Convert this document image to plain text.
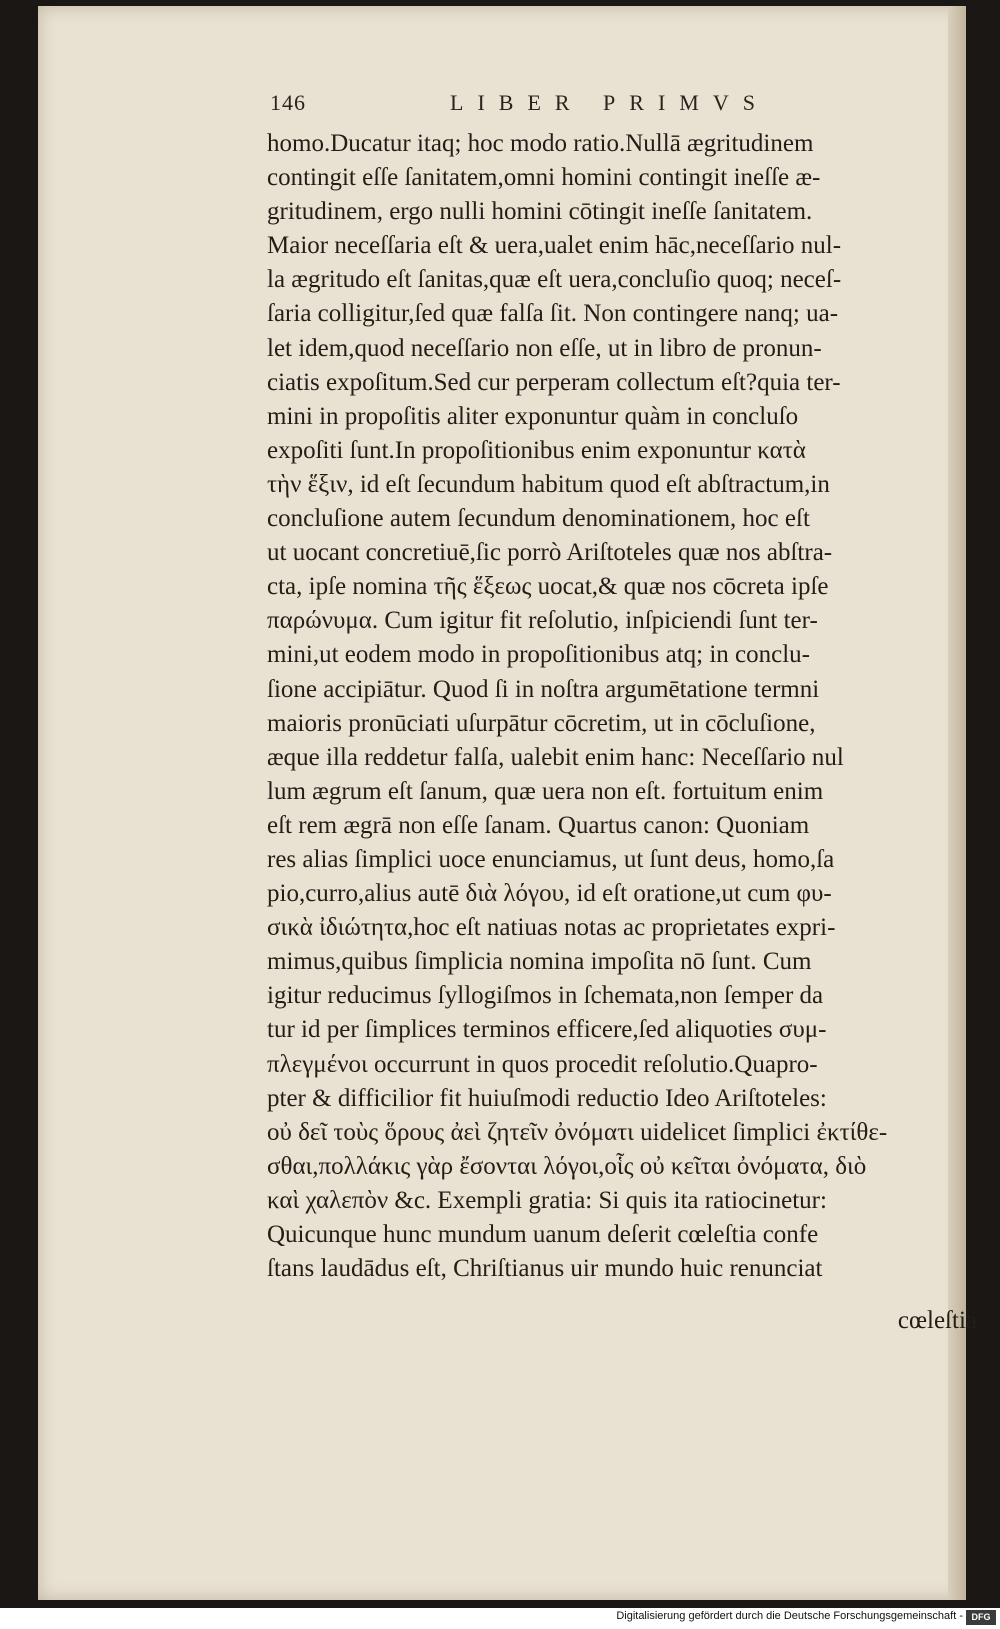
146	LIBER PRIMVS
homo.Ducatur itaq; hoc modo ratio.Nullā ægritudinem
contingit eſſe ſanitatem,omni homini contingit ineſſe æ-
gritudinem, ergo nulli homini cōtingit ineſſe ſanitatem.
Maior neceſſaria eſt & uera,ualet enim hāc,neceſſario nul-
la ægritudo eſt ſanitas,quæ eſt uera,concluſio quoq; neceſ-
ſaria colligitur,ſed quæ falſa ſit. Non contingere nanq; ua-
let idem,quod neceſſario non eſſe, ut in libro de pronun-
ciatis expoſitum.Sed cur perperam collectum eſt?quia ter-
mini in propoſitis aliter exponuntur quàm in concluſo
expoſiti ſunt.In propoſitionibus enim exponuntur κατὰ
τὴν ἕξιν, id eſt ſecundum habitum quod eſt abſtractum,in
concluſione autem ſecundum denominationem, hoc eſt
ut uocant concretiuē,ſic porrò Ariſtoteles quæ nos abſtra-
cta, ipſe nomina τῆς ἕξεως uocat,& quæ nos cōcreta ipſe
παρώνυμα. Cum igitur fit reſolutio, inſpiciendi ſunt ter-
mini,ut eodem modo in propoſitionibus atq; in conclu-
ſione accipiātur. Quod ſi in noſtra argumētatione termni
maioris pronūciati uſurpātur cōcretim, ut in cōcluſione,
æque illa reddetur falſa, ualebit enim hanc: Neceſſario nul
lum ægrum eſt ſanum, quæ uera non eſt. fortuitum enim
eſt rem ægrā non eſſe ſanam. Quartus canon: Quoniam
res alias ſimplici uoce enunciamus, ut ſunt deus, homo,ſa
pio,curro,alius autē διὰ λόγου, id eſt oratione,ut cum φυ-
σικὰ ἰδιώτητα,hoc eſt natiuas notas ac proprietates expri-
mimus,quibus ſimplicia nomina impoſita nō ſunt. Cum
igitur reducimus ſyllogiſmos in ſchemata,non ſemper da
tur id per ſimplices terminos efficere,ſed aliquoties συμ-
πλεγμένοι occurrunt in quos procedit reſolutio.Quapro-
pter & difficilior fit huiuſmodi reductio Ideo Ariſtoteles:
οὐ δεῖ τοὺς ὅρους ἀεὶ ζητεῖν ὀνόματι uidelicet ſimplici ἐκτίθε-
σθαι,πολλάκις γὰρ ἔσονται λόγοι,οἷς οὐ κεῖται ὀνόματα, διὸ
καὶ χαλεπὸν &c. Exempli gratia: Si quis ita ratiocinetur:
Quicunque hunc mundum uanum deſerit cœleſtia confe
ſtans laudādus eſt, Chriſtianus uir mundo huic renunciat
cœleſtia
Digitalisierung gefördert durch die Deutsche Forschungsgemeinschaft - DFG
